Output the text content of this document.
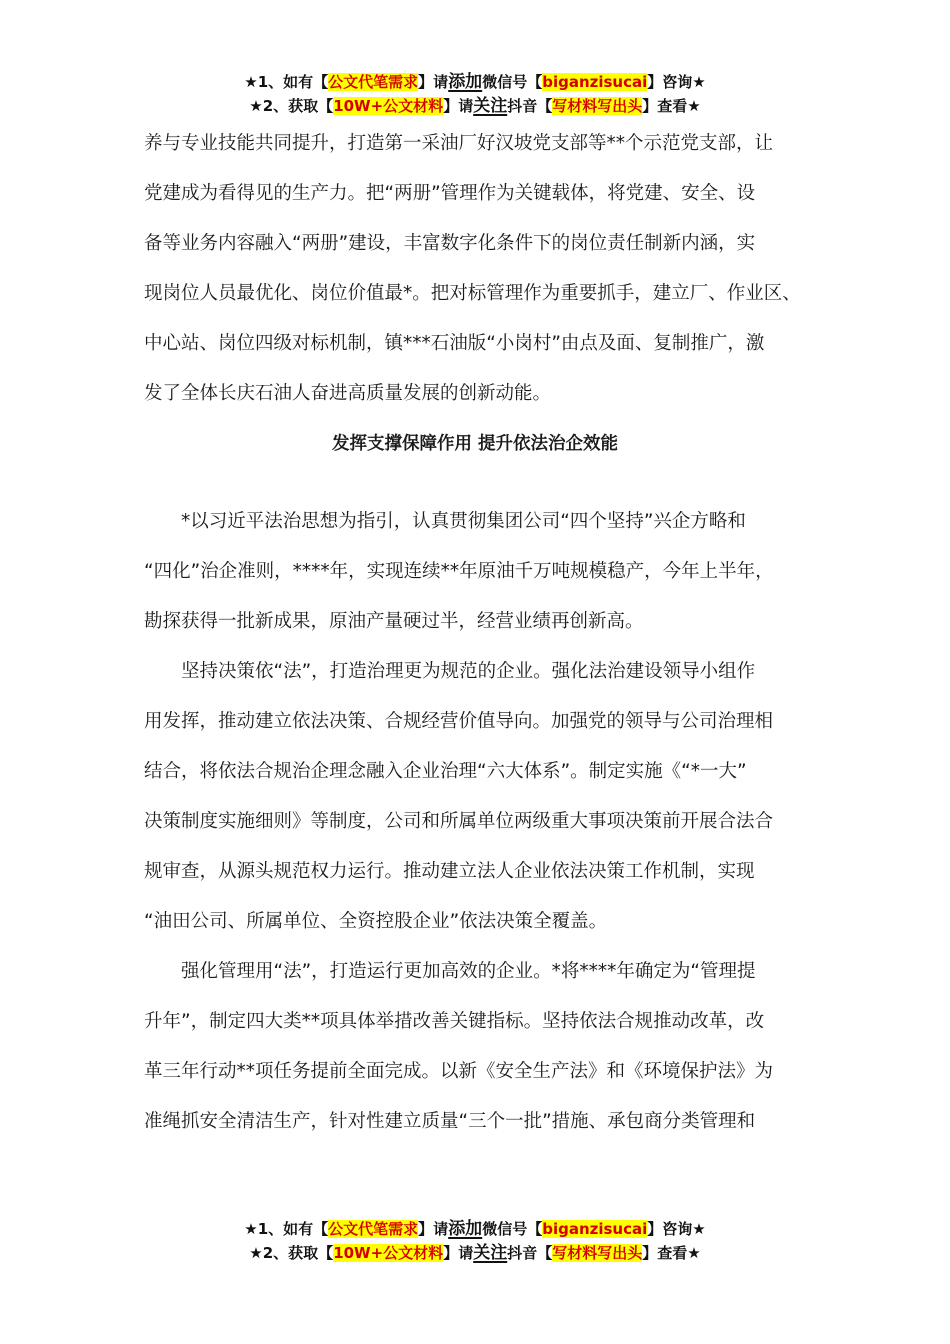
★1、如有【公文代笔需求】请添加微信号【biganzisucai】咨询★
★2、获取【10W+公文材料】请关注抖音【写材料写出头】查看★
养与专业技能共同提升，打造第一采油厂好汉坡党支部等**个示范党支部，让
党建成为看得见的生产力。把“两册”管理作为关键载体，将党建、安全、设
备等业务内容融入“两册”建设，丰富数字化条件下的岗位责任制新内涵，实
现岗位人员最优化、岗位价值最*。把对标管理作为重要抓手，建立厂、作业区、
中心站、岗位四级对标机制，镇***石油版“小岗村”由点及面、复制推广，激
发了全体长庆石油人奋进高质量发展的创新动能。
发挥支撑保障作用 提升依法治企效能
*以习近平法治思想为指引，认真贯彻集团公司“四个坚持”兴企方略和
“四化”治企准则，****年，实现连续**年原油千万吨规模稳产，今年上半年，
勘探获得一批新成果，原油产量硬过半，经营业绩再创新高。
坚持决策依“法”，打造治理更为规范的企业。强化法治建设领导小组作
用发挥，推动建立依法决策、合规经营价值导向。加强党的领导与公司治理相
结合，将依法合规治企理念融入企业治理“六大体系”。制定实施《“*一大”
决策制度实施细则》等制度，公司和所属单位两级重大事项决策前开展合法合
规审查，从源头规范权力运行。推动建立法人企业依法决策工作机制，实现
“油田公司、所属单位、全资控股企业”依法决策全覆盖。
强化管理用“法”，打造运行更加高效的企业。*将****年确定为“管理提
升年”，制定四大类**项具体举措改善关键指标。坚持依法合规推动改革，改
革三年行动**项任务提前全面完成。以新《安全生产法》和《环境保护法》为
准绳抓安全清洁生产，针对性建立质量“三个一批”措施、承包商分类管理和
★1、如有【公文代笔需求】请添加微信号【biganzisucai】咨询★
★2、获取【10W+公文材料】请关注抖音【写材料写出头】查看★
